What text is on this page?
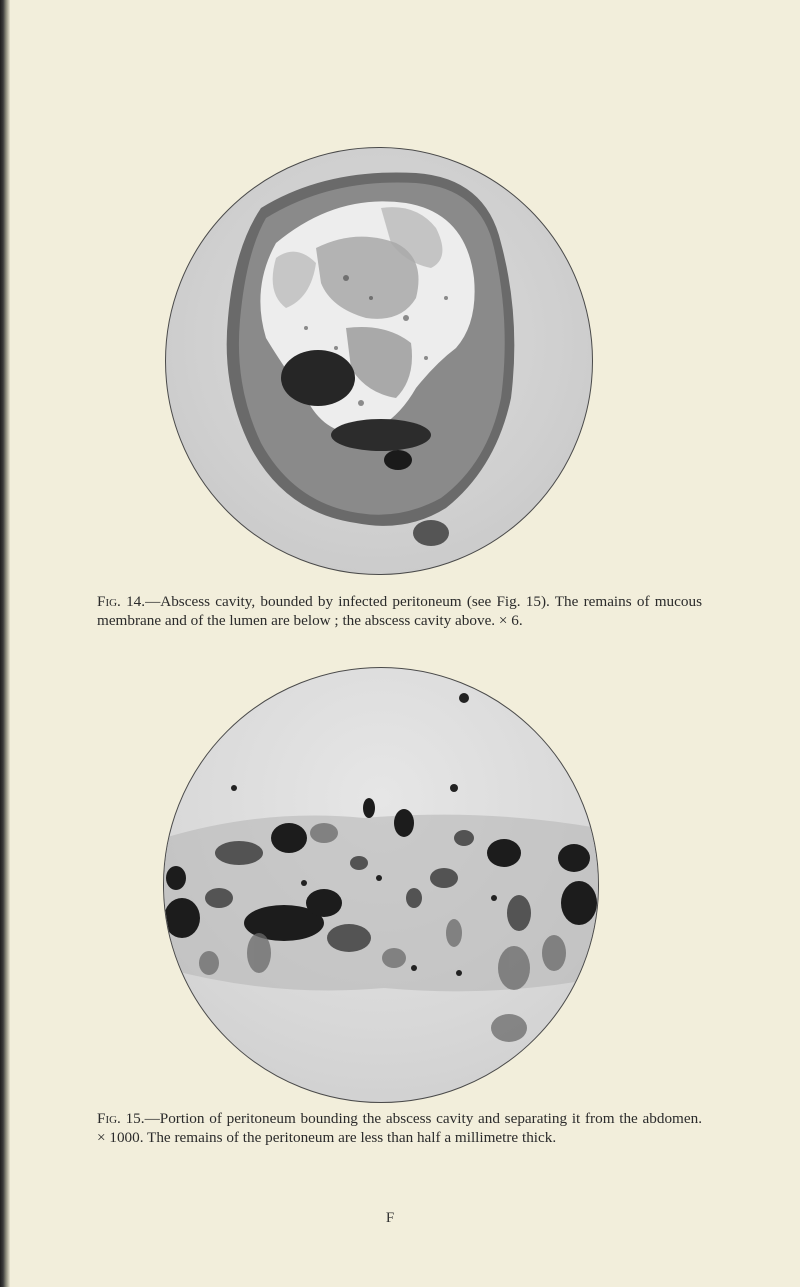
Fig. 14.—Abscess cavity, bounded by infected peritoneum (see Fig. 15). The remains of mucous membrane and of the lumen are below ; the abscess cavity above. × 6.
Fig. 15.—Portion of peritoneum bounding the abscess cavity and separating it from the abdomen. × 1000. The remains of the peritoneum are less than half a millimetre thick.
F
